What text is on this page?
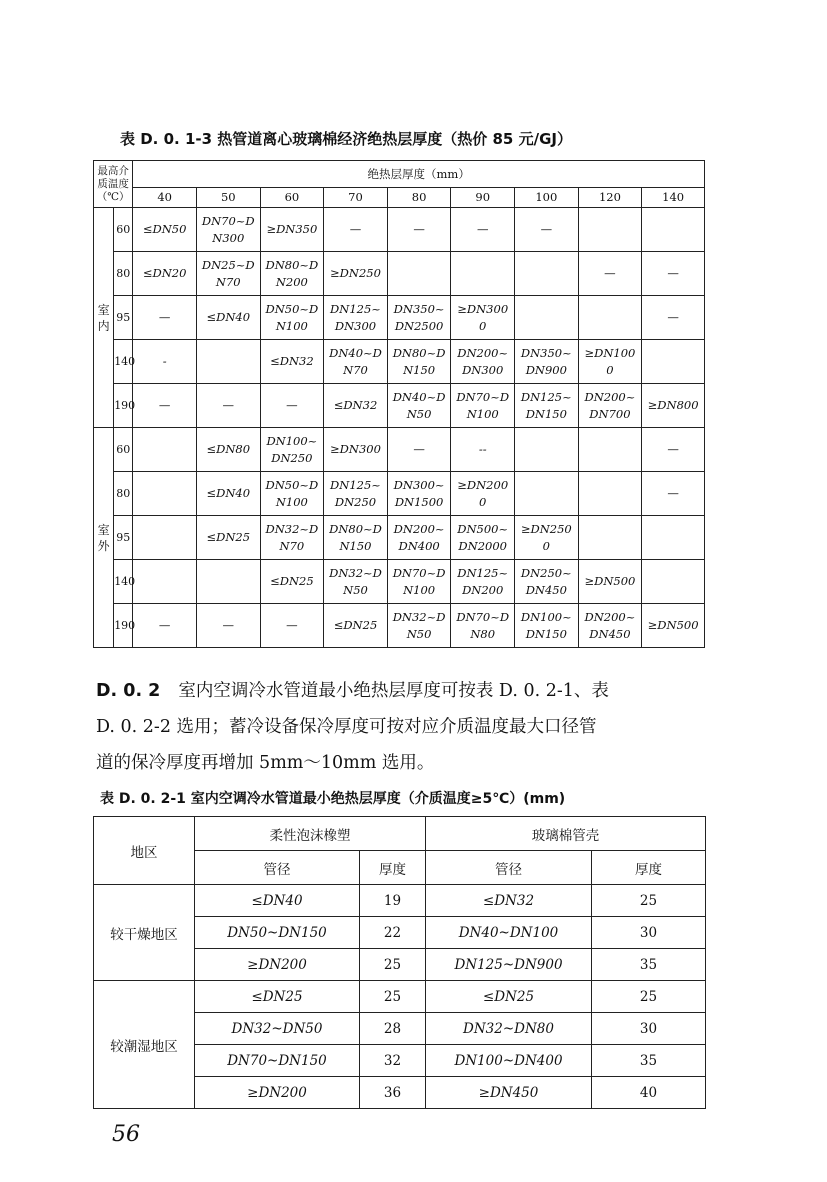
表 D. 0. 1-3 热管道离心玻璃棉经济绝热层厚度（热价 85 元/GJ）
最高介
质温度
（℃）		绝热层厚度（mm）								
		40	50	60	70	80	90	100	120	140
室内	60	≤DN50	DN70~DN300	≥DN350	—	—	—	—		
	80	≤DN20	DN25~DN70	DN80~DN200	≥DN250				—	—
	95	—	≤DN40	DN50~DN100	DN125~DN300	DN350~DN2500	≥DN3000			—
	140	-		≤DN32	DN40~DN70	DN80~DN150	DN200~DN300	DN350~DN900	≥DN1000	
	190	—	—	—	≤DN32	DN40~DN50	DN70~DN100	DN125~DN150	DN200~DN700	≥DN800
室外	60		≤DN80	DN100~DN250	≥DN300	—	--			—
	80		≤DN40	DN50~DN100	DN125~DN250	DN300~DN1500	≥DN2000			—
	95		≤DN25	DN32~DN70	DN80~DN150	DN200~DN400	DN500~DN2000	≥DN2500		
	140			≤DN25	DN32~DN50	DN70~DN100	DN125~DN200	DN250~DN450	≥DN500	
	190	—	—	—	≤DN25	DN32~DN50	DN70~DN80	DN100~DN150	DN200~DN450	≥DN500
D. 0. 2 室内空调冷水管道最小绝热层厚度可按表 D. 0. 2-1、表
D. 0. 2-2 选用；蓄冷设备保冷厚度可按对应介质温度最大口径管
道的保冷厚度再增加 5mm～10mm 选用。
表 D. 0. 2-1 室内空调冷水管道最小绝热层厚度（介质温度≥5℃）(mm)
地区	柔性泡沫橡塑		玻璃棉管壳	
	管径	厚度	管径	厚度
较干燥地区	≤DN40	19	≤DN32	25
	DN50~DN150	22	DN40~DN100	30
	≥DN200	25	DN125~DN900	35
较潮湿地区	≤DN25	25	≤DN25	25
	DN32~DN50	28	DN32~DN80	30
	DN70~DN150	32	DN100~DN400	35
	≥DN200	36	≥DN450	40
56
